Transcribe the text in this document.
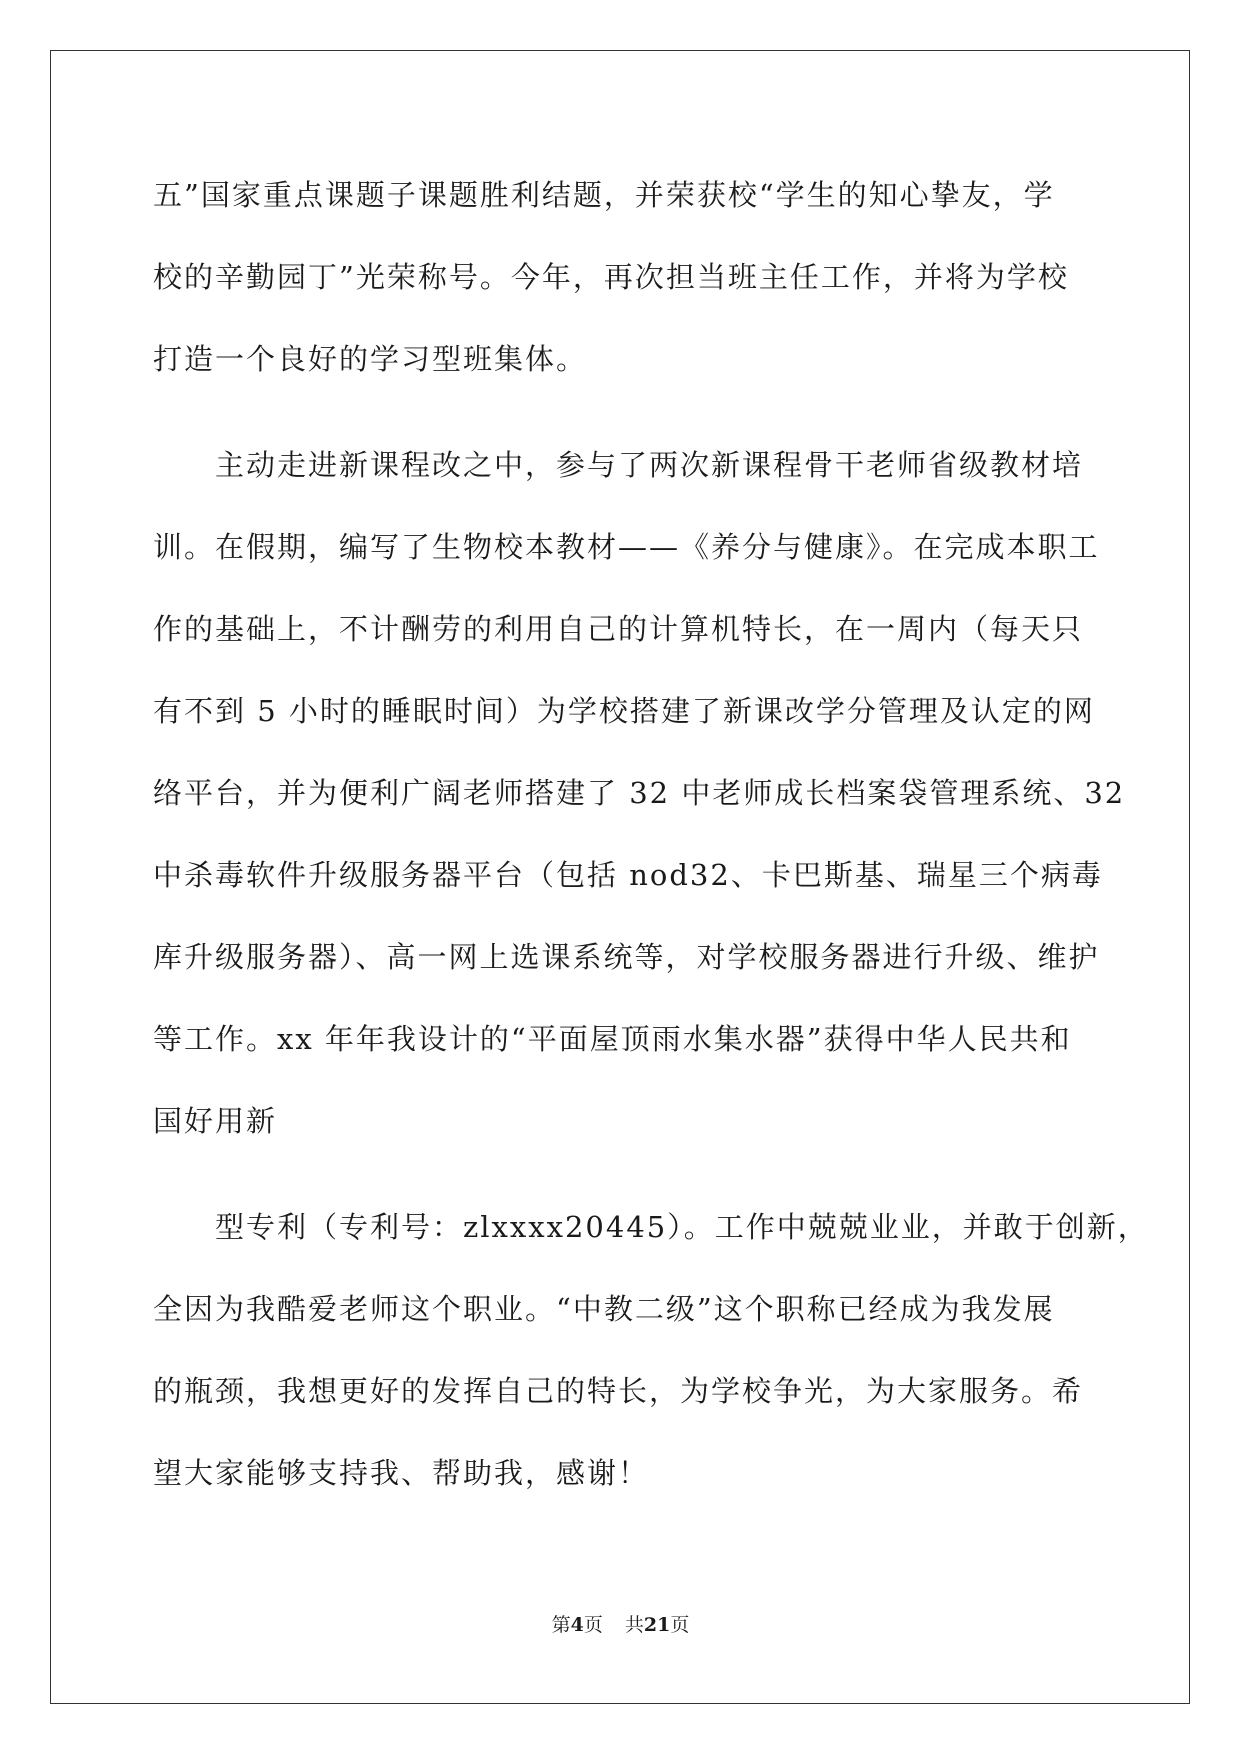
五”国家重点课题子课题胜利结题，并荣获校“学生的知心挚友，学
校的辛勤园丁”光荣称号。今年，再次担当班主任工作，并将为学校
打造一个良好的学习型班集体。
主动走进新课程改之中，参与了两次新课程骨干老师省级教材培
训。在假期，编写了生物校本教材——《养分与健康》。在完成本职工
作的基础上，不计酬劳的利用自己的计算机特长，在一周内（每天只
有不到 5 小时的睡眠时间）为学校搭建了新课改学分管理及认定的网
络平台，并为便利广阔老师搭建了 32 中老师成长档案袋管理系统、32
中杀毒软件升级服务器平台（包括 nod32、卡巴斯基、瑞星三个病毒
库升级服务器）、高一网上选课系统等，对学校服务器进行升级、维护
等工作。xx 年年我设计的“平面屋顶雨水集水器”获得中华人民共和
国好用新
型专利（专利号：zlxxxx20445）。工作中兢兢业业，并敢于创新，
全因为我酷爱老师这个职业。“中教二级”这个职称已经成为我发展
的瓶颈，我想更好的发挥自己的特长，为学校争光，为大家服务。希
望大家能够支持我、帮助我，感谢！
第4页 共21页
